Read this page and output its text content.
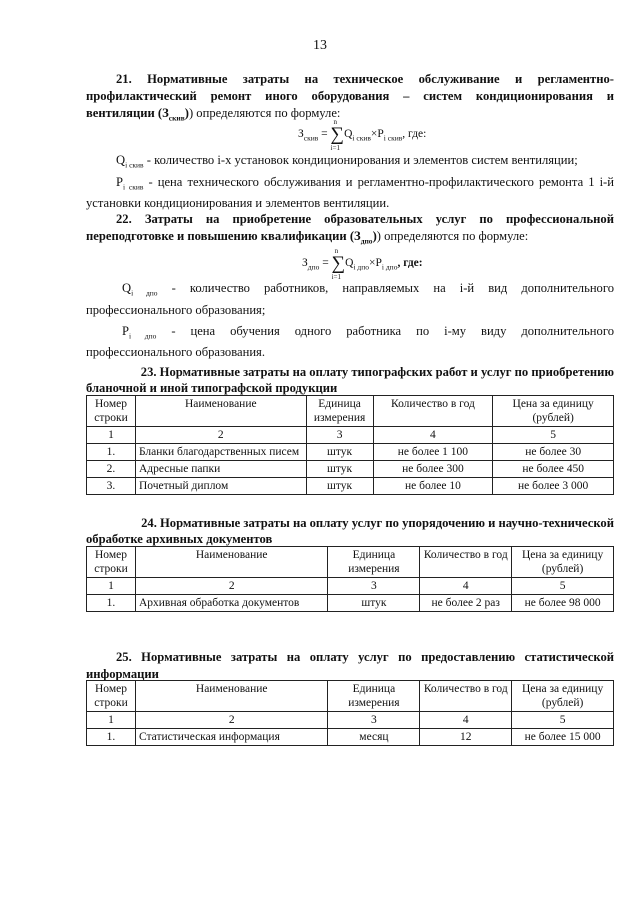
13
21. Нормативные затраты на техническое обслуживание и регламентно-
профилактический ремонт иного оборудования – систем кондиционирования и
вентиляции $(З_{скив})$) определяются по формуле:
$З_{скив}$ = ∑
n
i=1
$Q_{i скив}\times P_{i скив}$, где:
$Q_{i скив}$ - количество i-х установок кондиционирования и элементов систем вентиляции;
$P_{i скив}$ - цена технического обслуживания и регламентно-профилактического ремонта 1 i-й
установки кондиционирования и элементов вентиляции.
22. Затраты на приобретение образовательных услуг по профессиональной
переподготовке и повышению квалификации $(З_{дпо})$) определяются по формуле:
$З_{дпо}$ = ∑
n
i=1
$Q_{i дпо}\times P_{i дпо}$, где:
$Q_{i дпо}$ - количество работников, направляемых на i-й вид дополнительного
профессионального образования;
$P_{i дпо}$ - цена обучения одного работника по i-му виду дополнительного
профессионального образования.
23. Нормативные затраты на оплату типографских работ и услуг по приобретению
бланочной и иной типографской продукции
Номер строки	Наименование	Единица измерения	Количество в год	Цена за единицу (рублей)
1	2	3	4	5
1.	Бланки благодарственных писем	штук	не более 1 100	не более 30
2.	Адресные папки	штук	не более 300	не более 450
3.	Почетный диплом	штук	не более 10	не более 3 000
24. Нормативные затраты на оплату услуг по упорядочению и научно-технической
обработке архивных документов
Номер строки	Наименование	Единица измерения	Количество в год	Цена за единицу (рублей)
1	2	3	4	5
1.	Архивная обработка документов	штук	не более 2 раз	не более 98 000
25. Нормативные затраты на оплату услуг по предоставлению статистической
информации
Номер строки	Наименование	Единица измерения	Количество в год	Цена за единицу (рублей)
1	2	3	4	5
1.	Статистическая информация	месяц	12	не более 15 000
